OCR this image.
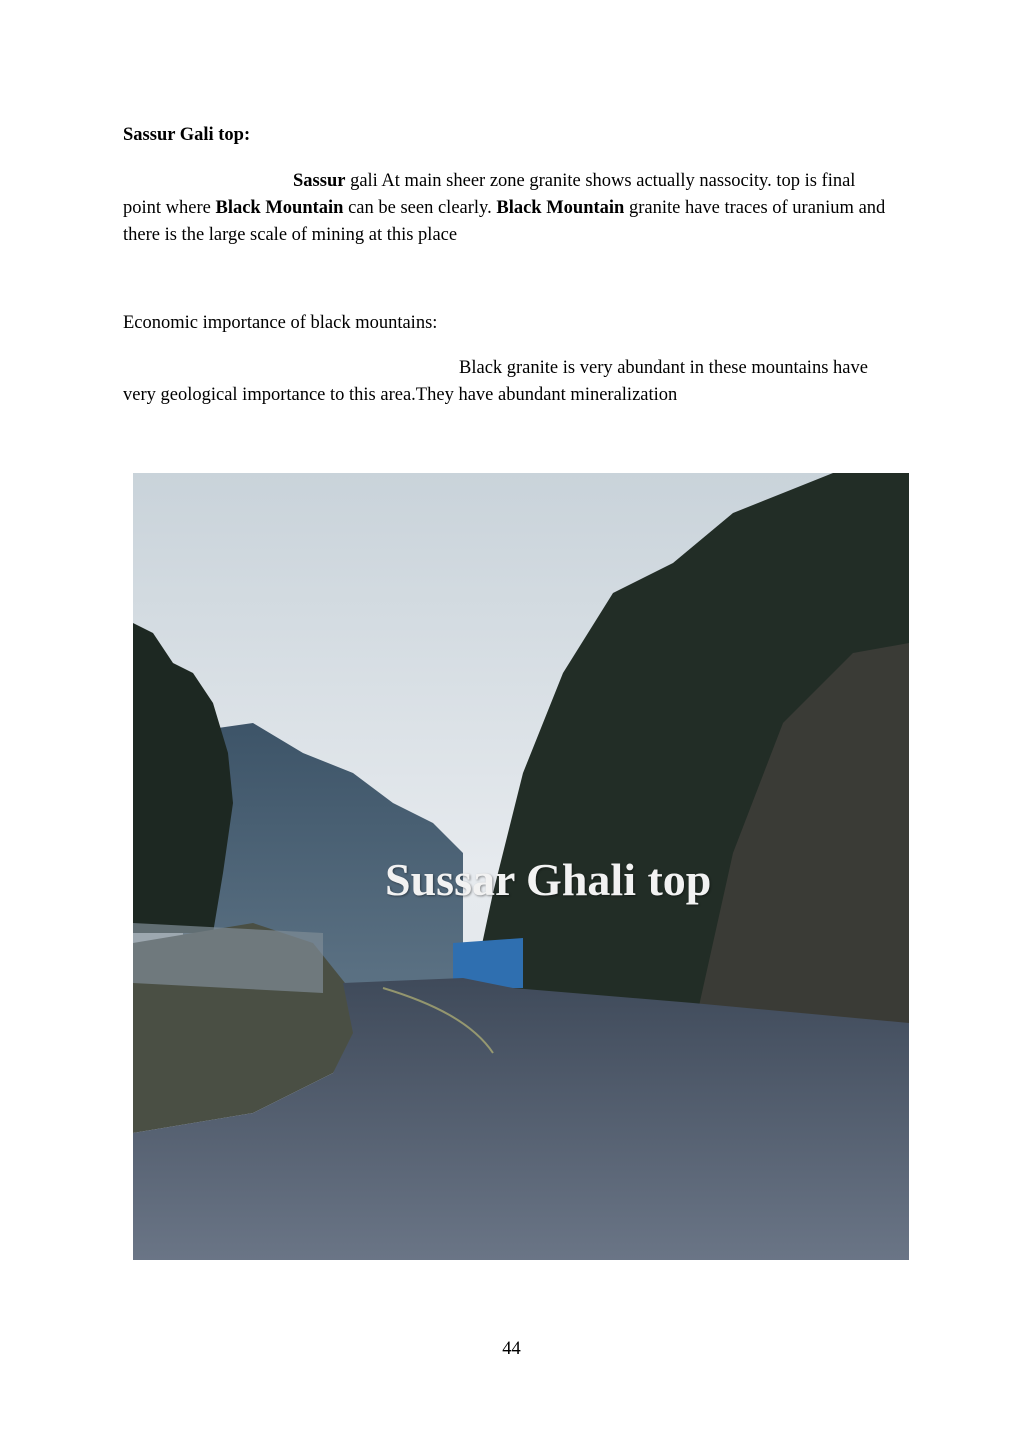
Sassur Gali top:
Sassur gali At main sheer zone granite shows actually nassocity. top is final point where Black Mountain can be seen clearly. Black Mountain granite have traces of uranium and there is the large scale of mining at this place
Economic importance of black mountains:
Black granite is very abundant in these mountains have very geological importance to this area.They have abundant mineralization
Sussar Ghali top
44
